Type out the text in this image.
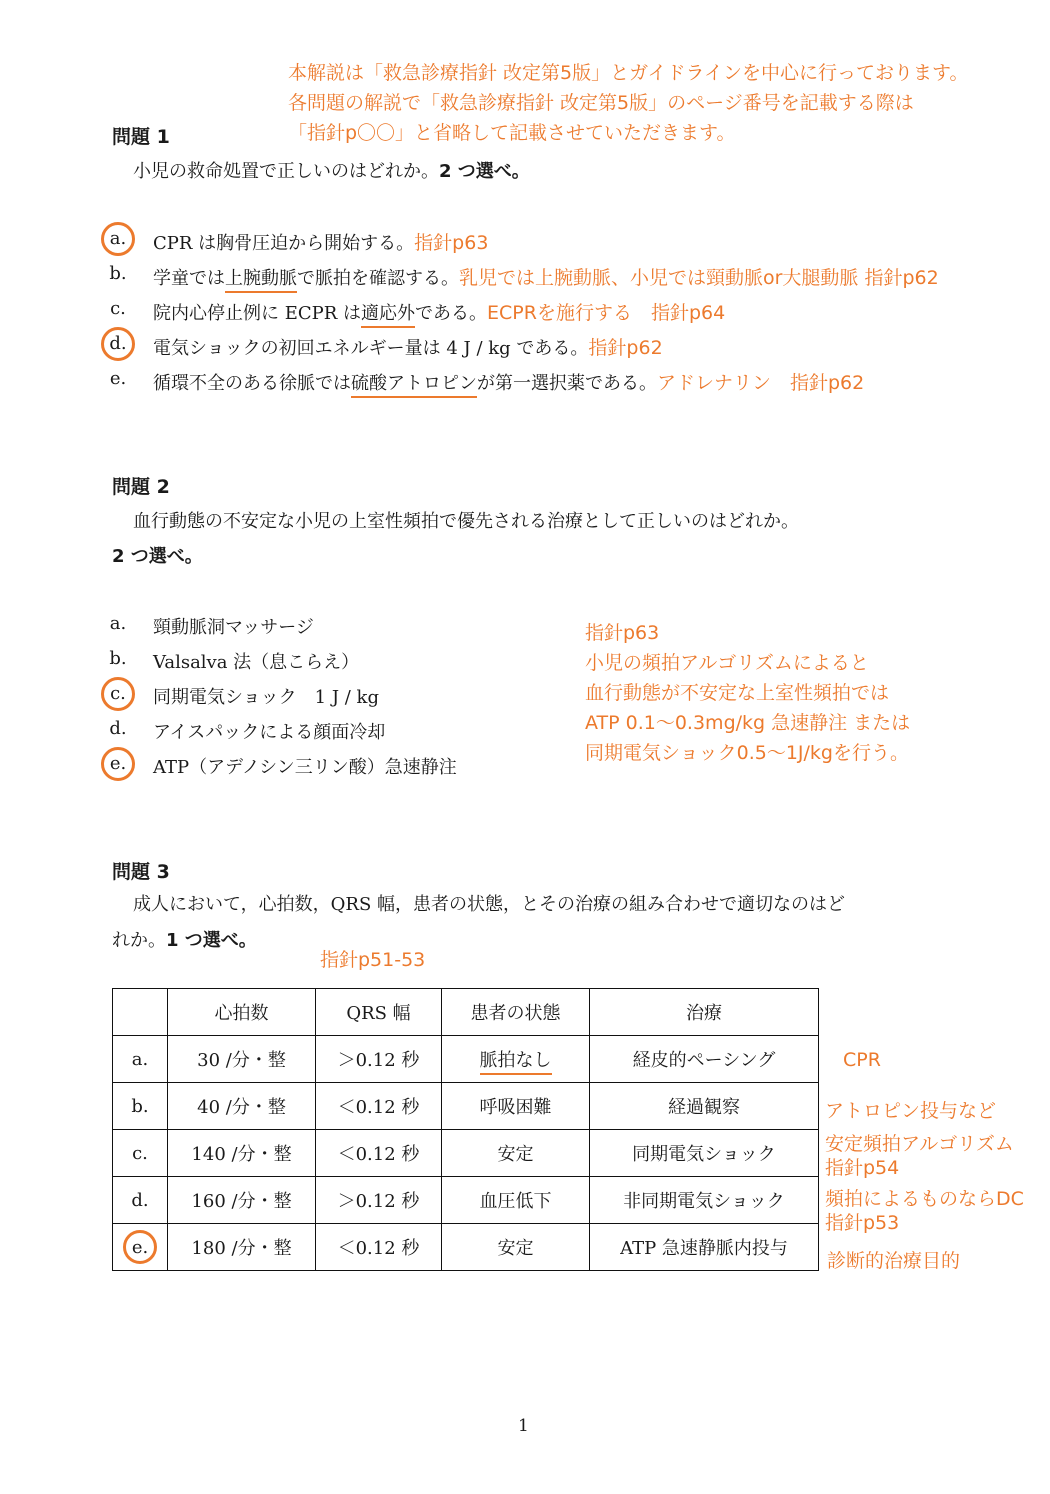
本解説は「救急診療指針 改定第5版」とガイドラインを中心に行っております。
各問題の解説で「救急診療指針 改定第5版」のページ番号を記載する際は
「指針p〇〇」と省略して記載させていただきます。
問題 1
小児の救命処置で正しいのはどれか。2 つ選べ。
a.	CPR は胸骨圧迫から開始する。指針p63
b.	学童では上腕動脈で脈拍を確認する。乳児では上腕動脈、小児では頸動脈or大腿動脈 指針p62
c.	院内心停止例に ECPR は適応外である。ECPRを施行する　指針p64
d.	電気ショックの初回エネルギー量は 4 J / kg である。指針p62
e.	循環不全のある徐脈では硫酸アトロピンが第一選択薬である。アドレナリン　指針p62
問題 2
血行動態の不安定な小児の上室性頻拍で優先される治療として正しいのはどれか。
2 つ選べ。
a.	頸動脈洞マッサージ
b.	Valsalva 法（息こらえ）
c.	同期電気ショック　1 J / kg
d.	アイスパックによる顔面冷却
e.	ATP（アデノシン三リン酸）急速静注
指針p63
小児の頻拍アルゴリズムによると
血行動態が不安定な上室性頻拍では
ATP 0.1〜0.3mg/kg 急速静注 または
同期電気ショック0.5〜1J/kgを行う。
問題 3
成人において，心拍数，QRS 幅，患者の状態，とその治療の組み合わせで適切なのはど
れか。1 つ選べ。
指針p51-53
	心拍数	QRS 幅	患者の状態	治療
a.	30 /分・整	＞0.12 秒	脈拍なし	経皮的ペーシング
b.	40 /分・整	＜0.12 秒	呼吸困難	経過観察
c.	140 /分・整	＜0.12 秒	安定	同期電気ショック
d.	160 /分・整	＞0.12 秒	血圧低下	非同期電気ショック

e.	180 /分・整	＜0.12 秒	安定	ATP 急速静脈内投与
CPR
アトロピン投与など
安定頻拍アルゴリズム
指針p54
頻拍によるものならDC
指針p53
診断的治療目的
1
